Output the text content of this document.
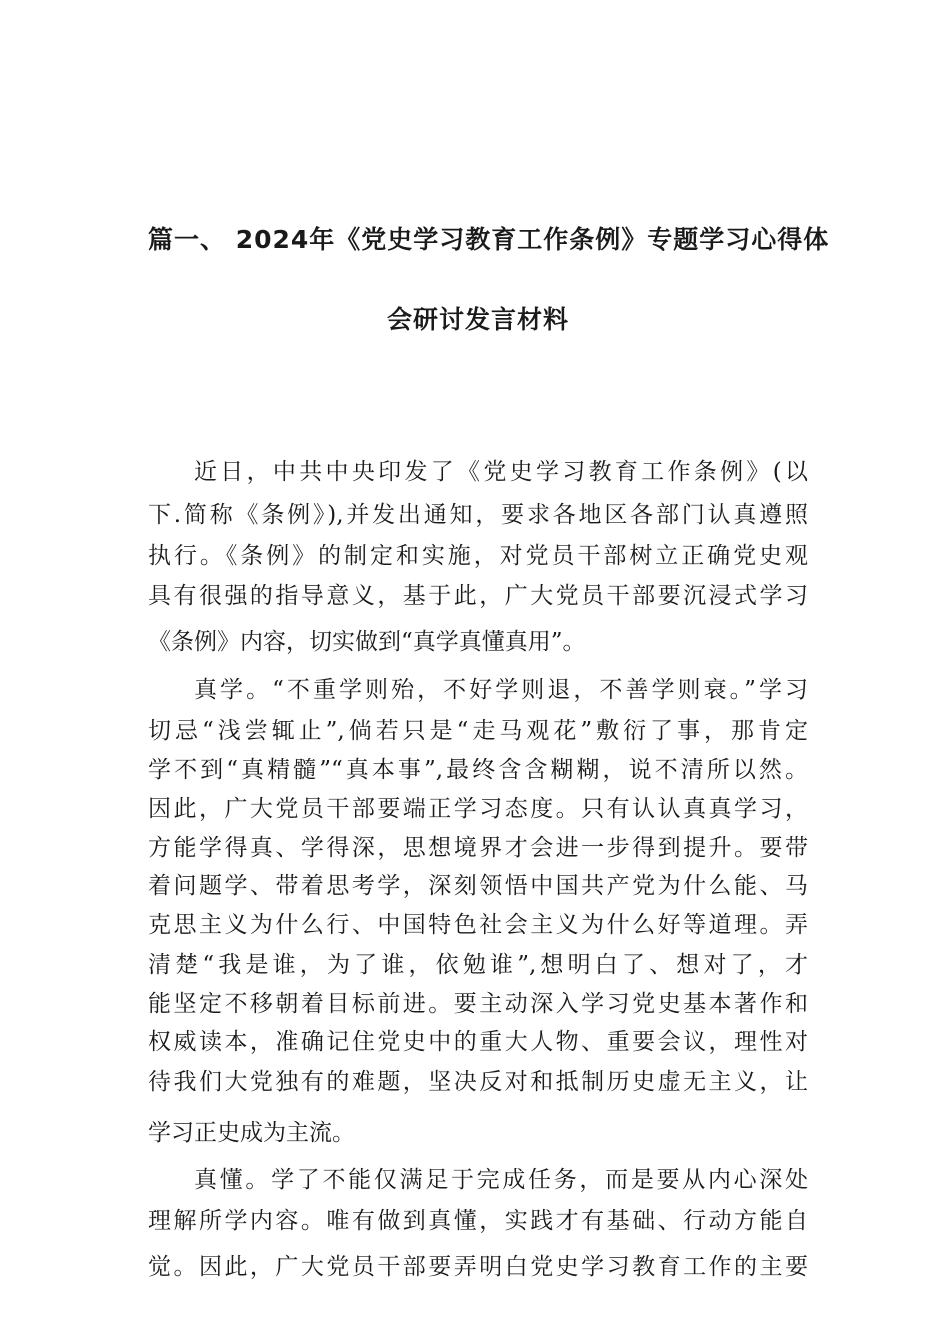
篇一、 2024年《党史学习教育工作条例》专题学习心得体
会研讨发言材料
近日，中共中央印发了《党史学习教育工作条例》(以
下.简称《条例》),并发出通知，要求各地区各部门认真遵照
执行。《条例》的制定和实施，对党员干部树立正确党史观
具有很强的指导意义，基于此，广大党员干部要沉浸式学习
《条例》内容，切实做到“真学真懂真用”。
真学。“不重学则殆，不好学则退，不善学则衰。”学习
切忌“浅尝辄止”,倘若只是“走马观花”敷衍了事，那肯定
学不到“真精髓”“真本事”,最终含含糊糊，说不清所以然。
因此，广大党员干部要端正学习态度。只有认认真真学习，
方能学得真、学得深，思想境界才会进一步得到提升。要带
着问题学、带着思考学，深刻领悟中国共产党为什么能、马
克思主义为什么行、中国特色社会主义为什么好等道理。弄
清楚“我是谁，为了谁，依勉谁”,想明白了、想对了，才
能坚定不移朝着目标前进。要主动深入学习党史基本著作和
权威读本，准确记住党史中的重大人物、重要会议，理性对
待我们大党独有的难题，坚决反对和抵制历史虚无主义，让
学习正史成为主流。
真懂。学了不能仅满足于完成任务，而是要从内心深处
理解所学内容。唯有做到真懂，实践才有基础、行动方能自
觉。因此，广大党员干部要弄明白党史学习教育工作的主要
